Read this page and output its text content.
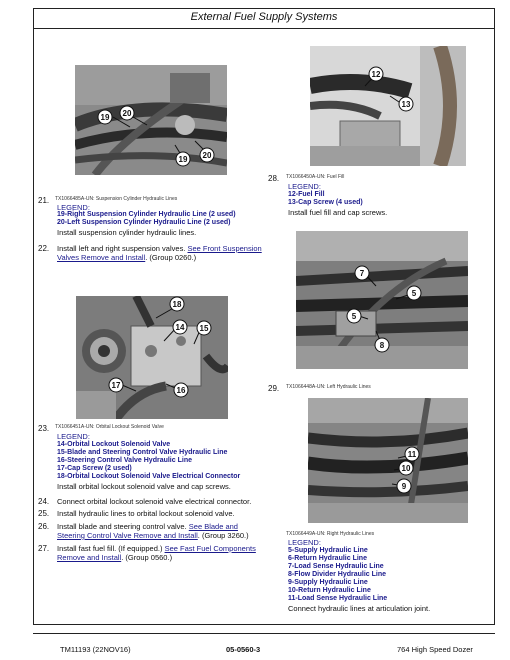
External Fuel Supply Systems
19 20
19 20
21. TX1066485A-UN: Suspension Cylinder Hydraulic Lines
LEGEND:
19-Right Suspension Cylinder Hydraulic Line (2 used)
20-Left Suspension Cylinder Hydraulic Line (2 used)
Install suspension cylinder hydraulic lines.
22. Install left and right suspension valves. See Front Suspension
Valves Remove and Install. (Group 0260.)
18
14 15
17
16
23. TX1066451A-UN: Orbital Lockout Solenoid Valve
LEGEND:
14-Orbital Lockout Solenoid Valve
15-Blade and Steering Control Valve Hydraulic Line
16-Steering Control Valve Hydraulic Line
17-Cap Screw (2 used)
18-Orbital Lockout Solenoid Valve Electrical Connector
Install orbital lockout solenoid valve and cap screws.
24. Connect orbital lockout solenoid valve electrical connector.
25. Install hydraulic lines to orbital lockout solenoid valve.
26. Install blade and steering control valve. See Blade and
Steering Control Valve Remove and Install. (Group 3260.)
27. Install fast fuel fill. (If equipped.) See Fast Fuel Components
Remove and Install. (Group 0560.)
12
13
28. TX1066450A-UN: Fuel Fill
LEGEND:
12-Fuel Fill
13-Cap Screw (4 used)
Install fuel fill and cap screws.
7
5
5
8
29. TX1066448A-UN: Left Hydraulic Lines
11
10
9
TX1066449A-UN: Right Hydraulic Lines
LEGEND:
5-Supply Hydraulic Line
6-Return Hydraulic Line
7-Load Sense Hydraulic Line
8-Flow Divider Hydraulic Line
9-Supply Hydraulic Line
10-Return Hydraulic Line
11-Load Sense Hydraulic Line
Connect hydraulic lines at articulation joint.
TM11193 (22NOV16)	05-0560-3	764 High Speed Dozer
